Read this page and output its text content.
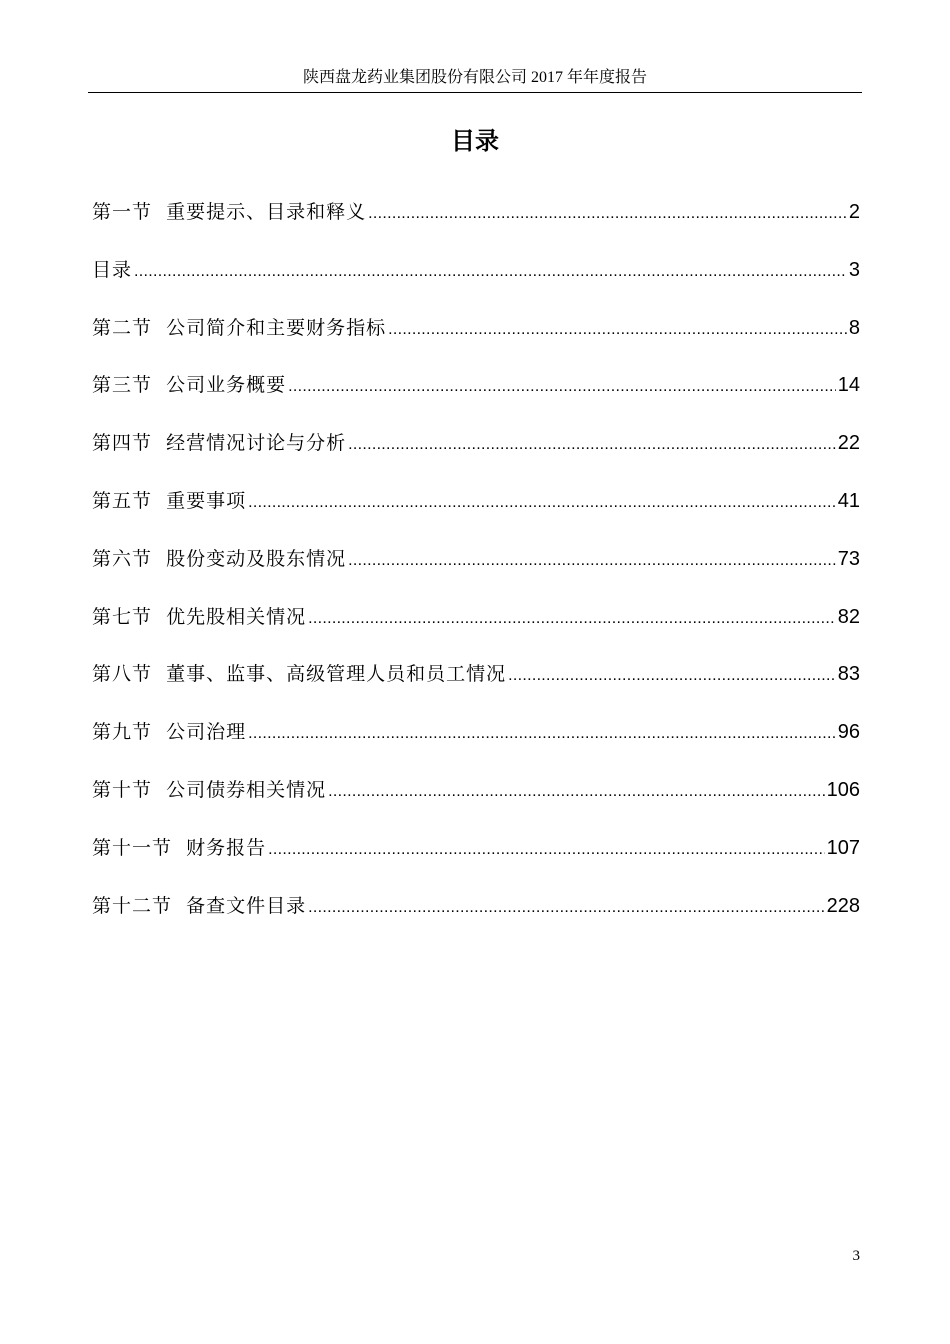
陕西盘龙药业集团股份有限公司 2017 年年度报告
目录
第一节  重要提示、目录和释义 .....	2
目录 .....	3
第二节  公司简介和主要财务指标 .....	8
第三节  公司业务概要 .....	14
第四节  经营情况讨论与分析 .....	22
第五节  重要事项 .....	41
第六节  股份变动及股东情况 .....	73
第七节  优先股相关情况 .....	82
第八节  董事、监事、高级管理人员和员工情况 .....	83
第九节  公司治理 .....	96
第十节  公司债券相关情况 .....	106
第十一节  财务报告 .....	107
第十二节  备查文件目录 .....	228
3
